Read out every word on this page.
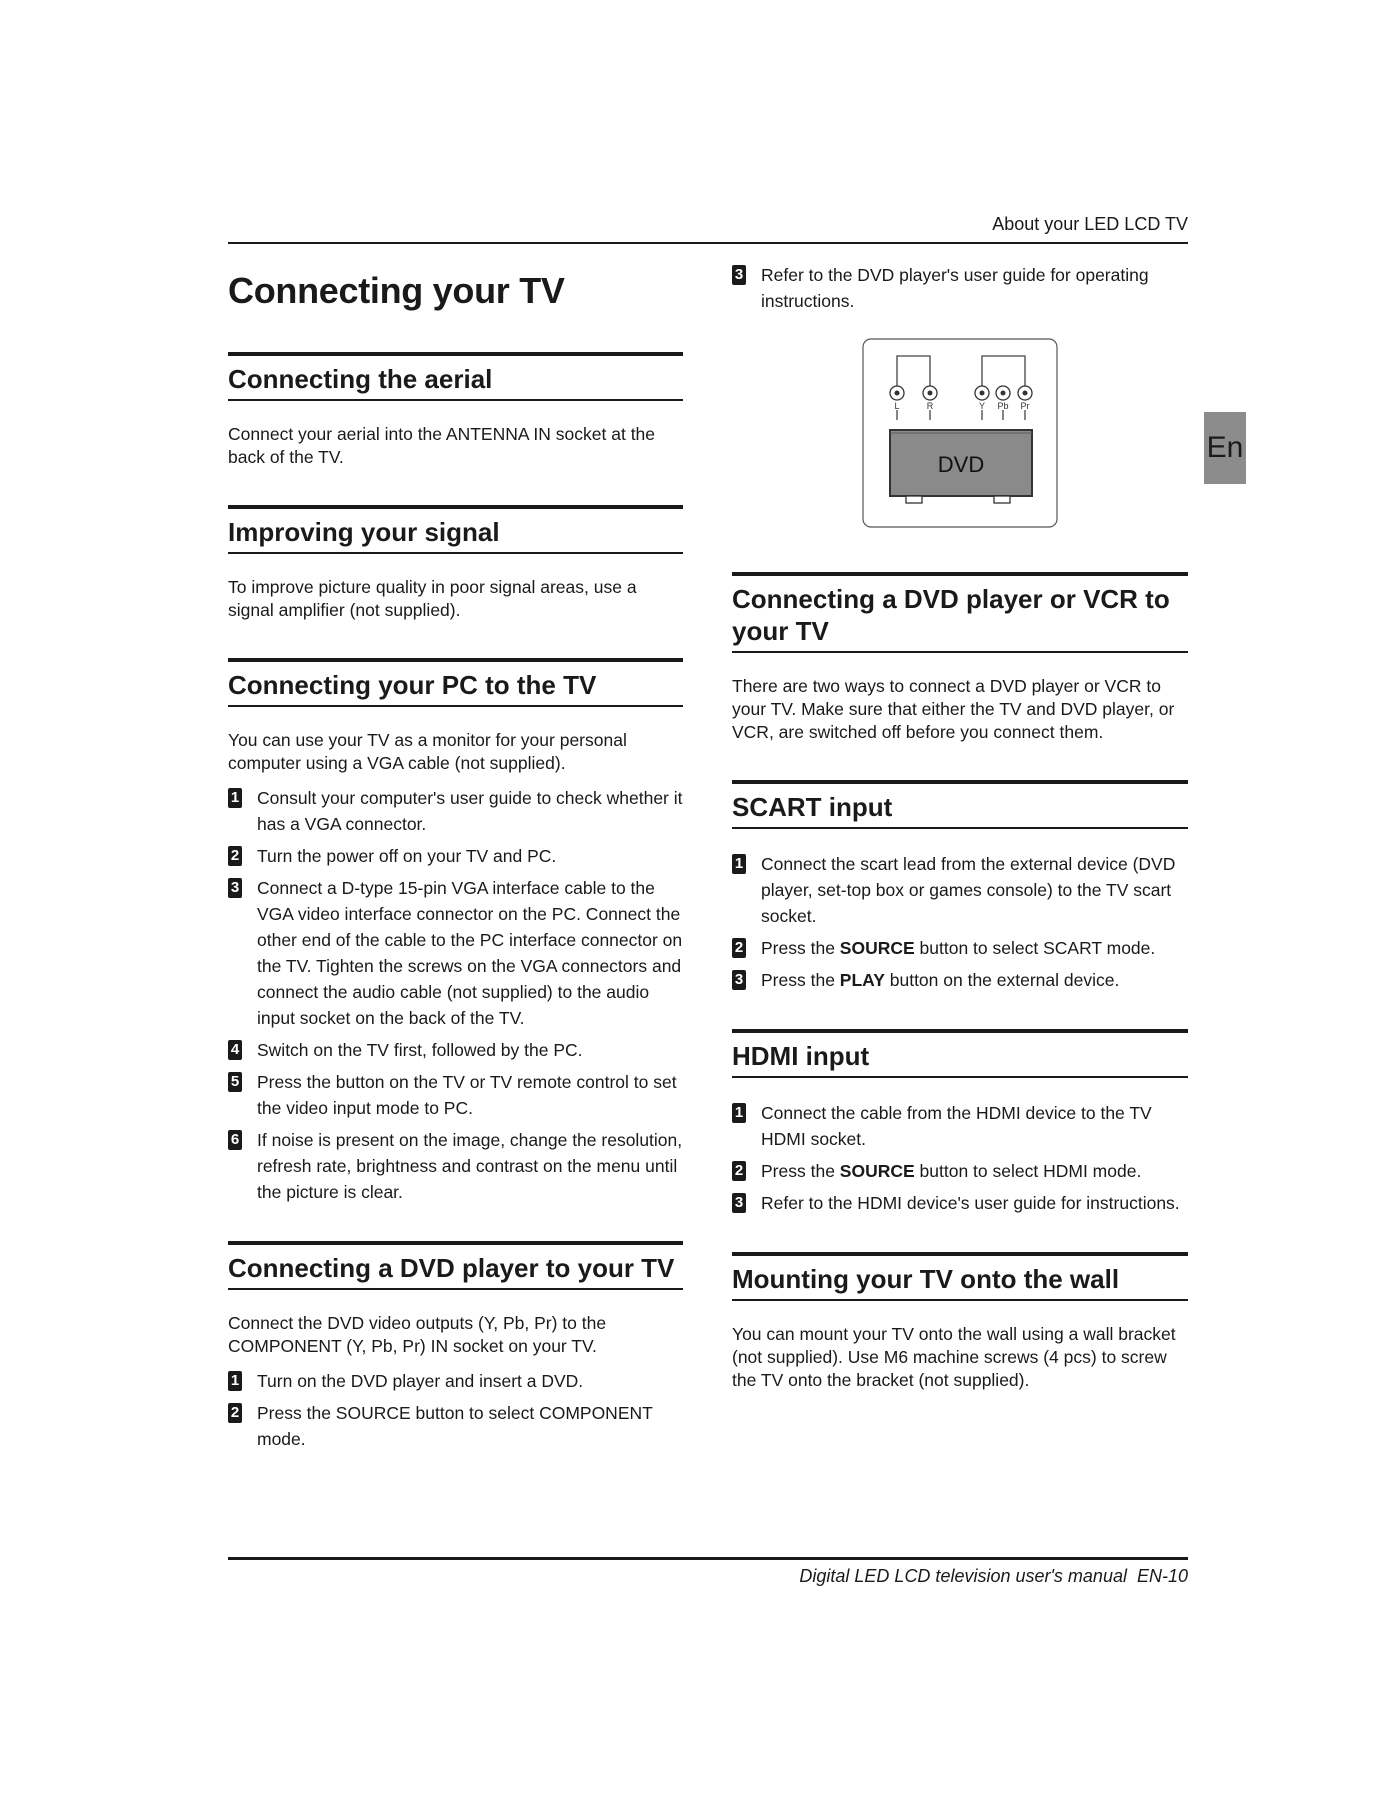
About your LED LCD TV
En
Connecting your TV
Connecting the aerial

Connect your aerial into the ANTENNA IN socket at the back of the TV.

Improving your signal

To improve picture quality in poor signal areas, use a signal amplifier (not supplied).

Connecting your PC to the TV

You can use your TV as a monitor for your personal computer using a VGA cable (not supplied).

1 Consult your computer's user guide to check whether it has a VGA connector.
2 Turn the power off on your TV and PC.
3 Connect a D-type 15-pin VGA interface cable to the VGA video interface connector on the PC. Connect the other end of the cable to the PC interface connector on the TV. Tighten the screws on the VGA connectors and connect the audio cable (not supplied) to the audio input socket on the back of the TV.
4 Switch on the TV first, followed by the PC.
5 Press the button on the TV or TV remote control to set the video input mode to PC.
6 If noise is present on the image, change the resolution, refresh rate, brightness and contrast on the menu until the picture is clear.
Connecting a DVD player to your TV

Connect the DVD video outputs (Y, Pb, Pr) to the COMPONENT (Y, Pb, Pr) IN socket on your TV.

1 Turn on the DVD player and insert a DVD.
2 Press the SOURCE button to select COMPONENT mode.
3 Refer to the DVD player's user guide for operating instructions.
L	R	Y Pb Pr
DVD
Connecting a DVD player or VCR to your TV

There are two ways to connect a DVD player or VCR to your TV. Make sure that either the TV and DVD player, or VCR, are switched off before you connect them.

SCART input
1 Connect the scart lead from the external device (DVD player, set-top box or games console) to the TV scart socket.
2 Press the SOURCE button to select SCART mode.
3 Press the PLAY button on the external device.
HDMI input
1 Connect the cable from the HDMI device to the TV HDMI socket.
2 Press the SOURCE button to select HDMI mode.
3 Refer to the HDMI device's user guide for instructions.
Mounting your TV onto the wall

You can mount your TV onto the wall using a wall bracket (not supplied). Use M6 machine screws (4 pcs) to screw the TV onto the bracket (not supplied).

Digital LED LCD television user's manual EN-10
